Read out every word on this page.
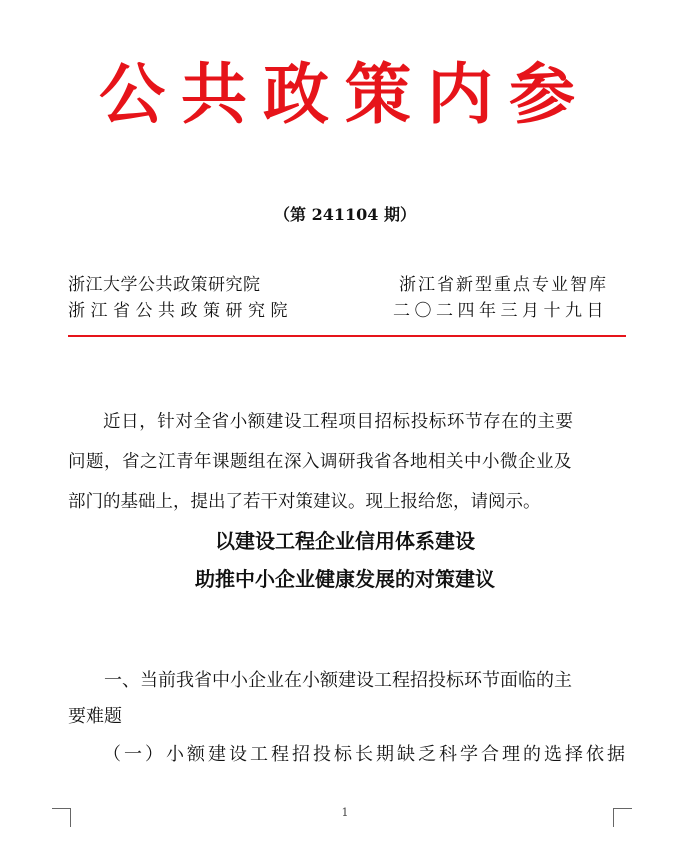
公共政策内参
（第 241104 期）
浙江大学公共政策研究院
浙江省公共政策研究院
浙江省新型重点专业智库
二〇二四年三月十九日
近日，针对全省小额建设工程项目招标投标环节存在的主要
问题，省之江青年课题组在深入调研我省各地相关中小微企业及
部门的基础上，提出了若干对策建议。现上报给您，请阅示。
以建设工程企业信用体系建设
助推中小企业健康发展的对策建议
一、当前我省中小企业在小额建设工程招投标环节面临的主
要难题
（一）小额建设工程招投标长期缺乏科学合理的选择依据
1
